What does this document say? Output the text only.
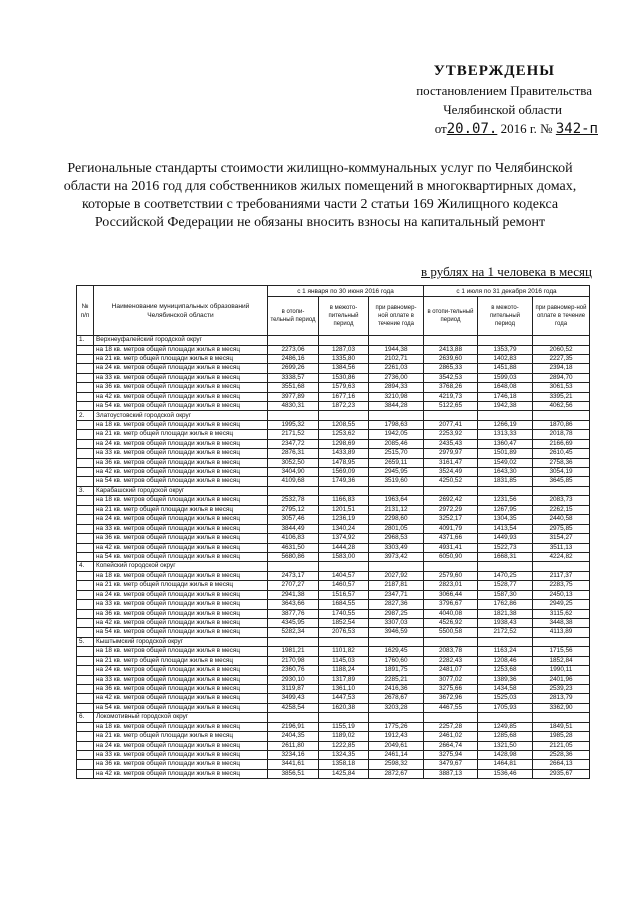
УТВЕРЖДЕНЫ
постановлением Правительства
Челябинской области
от20.07. 2016 г. № 342-п
Региональные стандарты стоимости жилищно-коммунальных услуг по Челябинской области на 2016 год для собственников жилых помещений в многоквартирных домах, которые в соответствии с требованиями части 2 статьи 169 Жилищного кодекса Российской Федерации не обязаны вносить взносы на капитальный ремонт
в рублях на 1 человека в месяц
№ п/п	Наименование муниципальных образований Челябинской области	с 1 января по 30 июня 2016 года			с 1 июля по 31 декабря 2016 года		
		в отопи-тельный период	в межото-пительный период	при равномер-ной оплате в течение года	в отопи-тельный период	в межото-пительный период	при равномер-ной оплате в течение года
1.	Верхнеуфалейский городской округ						
	на 18 кв. метров общей площади жилья в месяц	2273,06	1287,03	1944,38	2413,88	1353,79	2060,52
	на 21 кв. метр общей площади жилья в месяц	2486,16	1335,80	2102,71	2639,60	1402,83	2227,35
	на 24 кв. метров общей площади жилья в месяц	2699,26	1384,56	2261,03	2865,33	1451,88	2394,18
	на 33 кв. метров общей площади жилья в месяц	3338,57	1530,86	2736,00	3542,53	1599,03	2894,70
	на 36 кв. метров общей площади жилья в месяц	3551,68	1579,63	2894,33	3768,26	1648,08	3061,53
	на 42 кв. метров общей площади жилья в месяц	3977,89	1677,16	3210,98	4219,73	1746,18	3395,21
	на 54 кв. метров общей площади жилья в месяц	4830,31	1872,23	3844,28	5122,65	1942,38	4062,56
2.	Златоустовский городской округ						
	на 18 кв. метров общей площади жилья в месяц	1995,32	1208,55	1798,63	2077,41	1266,19	1870,86
	на 21 кв. метр общей площади жилья в месяц	2171,52	1253,62	1942,05	2253,92	1313,33	2018,78
	на 24 кв. метров общей площади жилья в месяц	2347,72	1298,69	2085,46	2435,43	1360,47	2166,69
	на 33 кв. метров общей площади жилья в месяц	2876,31	1433,89	2515,70	2979,97	1501,89	2610,45
	на 36 кв. метров общей площади жилья в месяц	3052,50	1478,95	2659,11	3161,47	1549,02	2758,36
	на 42 кв. метров общей площади жилья в месяц	3404,90	1569,09	2945,95	3524,49	1643,30	3054,19
	на 54 кв. метров общей площади жилья в месяц	4109,68	1749,36	3519,60	4250,52	1831,85	3645,85
3.	Карабашский городской округ						
	на 18 кв. метров общей площади жилья в месяц	2532,78	1166,83	1963,64	2692,42	1231,56	2083,73
	на 21 кв. метр общей площади жилья в месяц	2795,12	1201,51	2131,12	2972,29	1267,95	2262,15
	на 24 кв. метров общей площади жилья в месяц	3057,46	1236,19	2298,60	3252,17	1304,35	2440,58
	на 33 кв. метров общей площади жилья в месяц	3844,49	1340,24	2801,05	4091,79	1413,54	2975,85
	на 36 кв. метров общей площади жилья в месяц	4106,83	1374,92	2968,53	4371,66	1449,93	3154,27
	на 42 кв. метров общей площади жилья в месяц	4631,50	1444,28	3303,49	4931,41	1522,73	3511,13
	на 54 кв. метров общей площади жилья в месяц	5680,86	1583,00	3973,42	6050,90	1668,31	4224,82
4.	Копейский городской округ						
	на 18 кв. метров общей площади жилья в месяц	2473,17	1404,57	2027,92	2579,60	1470,25	2117,37
	на 21 кв. метр общей площади жилья в месяц	2707,27	1460,57	2187,81	2823,01	1528,77	2283,75
	на 24 кв. метров общей площади жилья в месяц	2941,38	1516,57	2347,71	3066,44	1587,30	2450,13
	на 33 кв. метров общей площади жилья в месяц	3643,66	1684,55	2827,36	3796,67	1762,86	2949,25
	на 36 кв. метров общей площади жилья в месяц	3877,76	1740,55	2987,25	4040,08	1821,38	3115,62
	на 42 кв. метров общей площади жилья в месяц	4345,95	1852,54	3307,03	4526,92	1938,43	3448,38
	на 54 кв. метров общей площади жилья в месяц	5282,34	2076,53	3946,59	5500,58	2172,52	4113,89
5.	Кыштымский городской округ						
	на 18 кв. метров общей площади жилья в месяц	1981,21	1101,82	1629,45	2083,78	1163,24	1715,56
	на 21 кв. метр общей площади жилья в месяц	2170,98	1145,03	1760,60	2282,43	1208,46	1852,84
	на 24 кв. метров общей площади жилья в месяц	2360,76	1188,24	1891,75	2481,07	1253,68	1990,11
	на 33 кв. метров общей площади жилья в месяц	2930,10	1317,89	2285,21	3077,02	1389,36	2401,96
	на 36 кв. метров общей площади жилья в месяц	3119,87	1361,10	2416,36	3275,66	1434,58	2539,23
	на 42 кв. метров общей площади жилья в месяц	3499,43	1447,53	2678,67	3672,96	1525,03	2813,79
	на 54 кв. метров общей площади жилья в месяц	4258,54	1620,38	3203,28	4467,55	1705,93	3362,90
6.	Локомотивный городской округ						
	на 18 кв. метров общей площади жилья в месяц	2196,91	1155,19	1775,26	2257,28	1249,85	1849,51
	на 21 кв. метр общей площади жилья в месяц	2404,35	1189,02	1912,43	2461,02	1285,68	1985,28
	на 24 кв. метров общей площади жилья в месяц	2611,80	1222,85	2049,61	2664,74	1321,50	2121,05
	на 33 кв. метров общей площади жилья в месяц	3234,16	1324,35	2461,14	3275,94	1428,98	2528,36
	на 36 кв. метров общей площади жилья в месяц	3441,61	1358,18	2598,32	3479,67	1464,81	2664,13
	на 42 кв. метров общей площади жилья в месяц	3856,51	1425,84	2872,67	3887,13	1536,46	2935,67
